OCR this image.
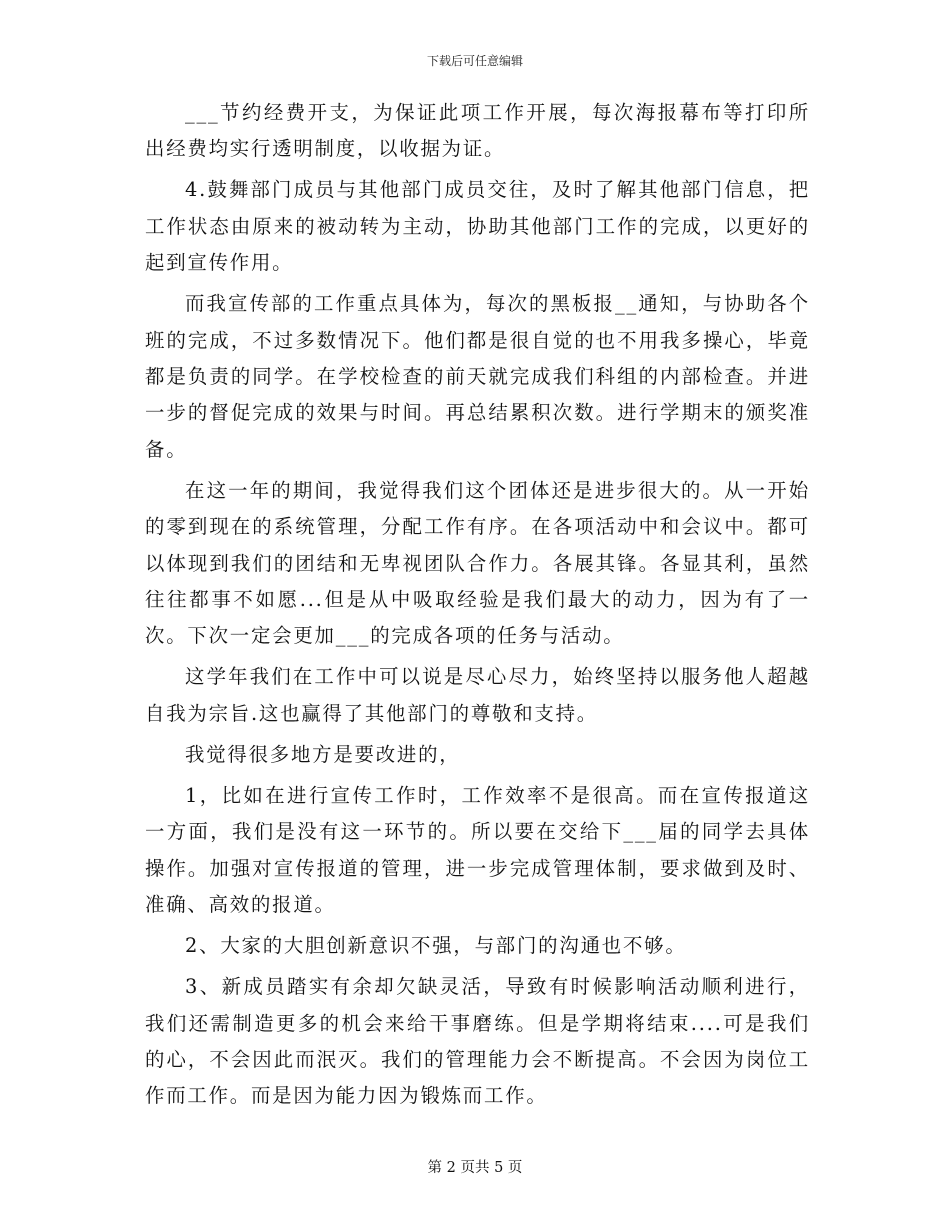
下载后可任意编辑

___节约经费开支，为保证此项工作开展，每次海报幕布等打印所出经费均实行透明制度，以收据为证。

4.鼓舞部门成员与其他部门成员交往，及时了解其他部门信息，把工作状态由原来的被动转为主动，协助其他部门工作的完成，以更好的起到宣传作用。

而我宣传部的工作重点具体为，每次的黑板报__通知，与协助各个班的完成，不过多数情况下。他们都是很自觉的也不用我多操心，毕竟都是负责的同学。在学校检查的前天就完成我们科组的内部检查。并进一步的督促完成的效果与时间。再总结累积次数。进行学期末的颁奖准备。

在这一年的期间，我觉得我们这个团体还是进步很大的。从一开始的零到现在的系统管理，分配工作有序。在各项活动中和会议中。都可以体现到我们的团结和无卑视团队合作力。各展其锋。各显其利，虽然往往都事不如愿...但是从中吸取经验是我们最大的动力，因为有了一次。下次一定会更加___的完成各项的任务与活动。

这学年我们在工作中可以说是尽心尽力，始终坚持以服务他人超越自我为宗旨.这也赢得了其他部门的尊敬和支持。

我觉得很多地方是要改进的，

1，比如在进行宣传工作时，工作效率不是很高。而在宣传报道这一方面，我们是没有这一环节的。所以要在交给下___届的同学去具体操作。加强对宣传报道的管理，进一步完成管理体制，要求做到及时、准确、高效的报道。

2、大家的大胆创新意识不强，与部门的沟通也不够。

3、新成员踏实有余却欠缺灵活，导致有时候影响活动顺利进行，我们还需制造更多的机会来给干事磨练。但是学期将结束....可是我们的心，不会因此而泯灭。我们的管理能力会不断提高。不会因为岗位工作而工作。而是因为能力因为锻炼而工作。

第 2 页共 5 页
